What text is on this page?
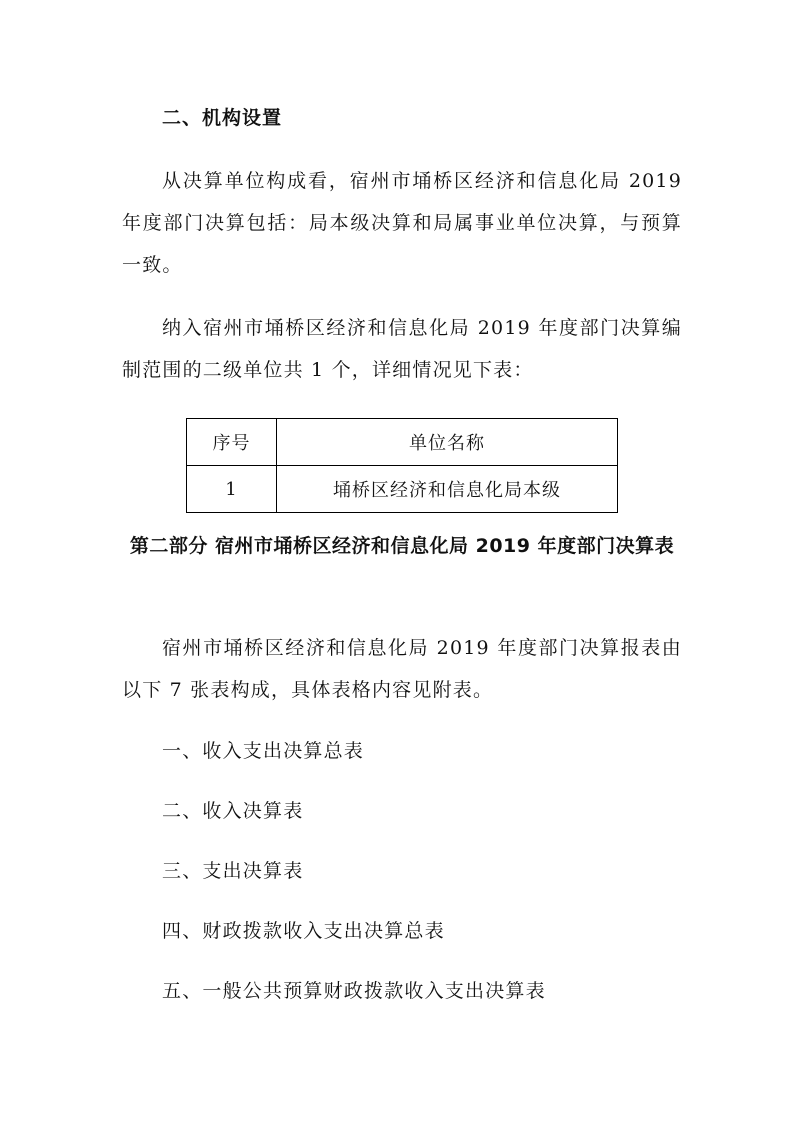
二、机构设置

从决算单位构成看，宿州市埇桥区经济和信息化局 2019 年度部门决算包括：局本级决算和局属事业单位决算，与预算一致。

纳入宿州市埇桥区经济和信息化局 2019 年度部门决算编制范围的二级单位共 1 个，详细情况见下表：

序号	单位名称
1	埇桥区经济和信息化局本级
第二部分 宿州市埇桥区经济和信息化局 2019 年度部门决算表

宿州市埇桥区经济和信息化局 2019 年度部门决算报表由以下 7 张表构成，具体表格内容见附表。

一、收入支出决算总表
二、收入决算表
三、支出决算表
四、财政拨款收入支出决算总表
五、一般公共预算财政拨款收入支出决算表
